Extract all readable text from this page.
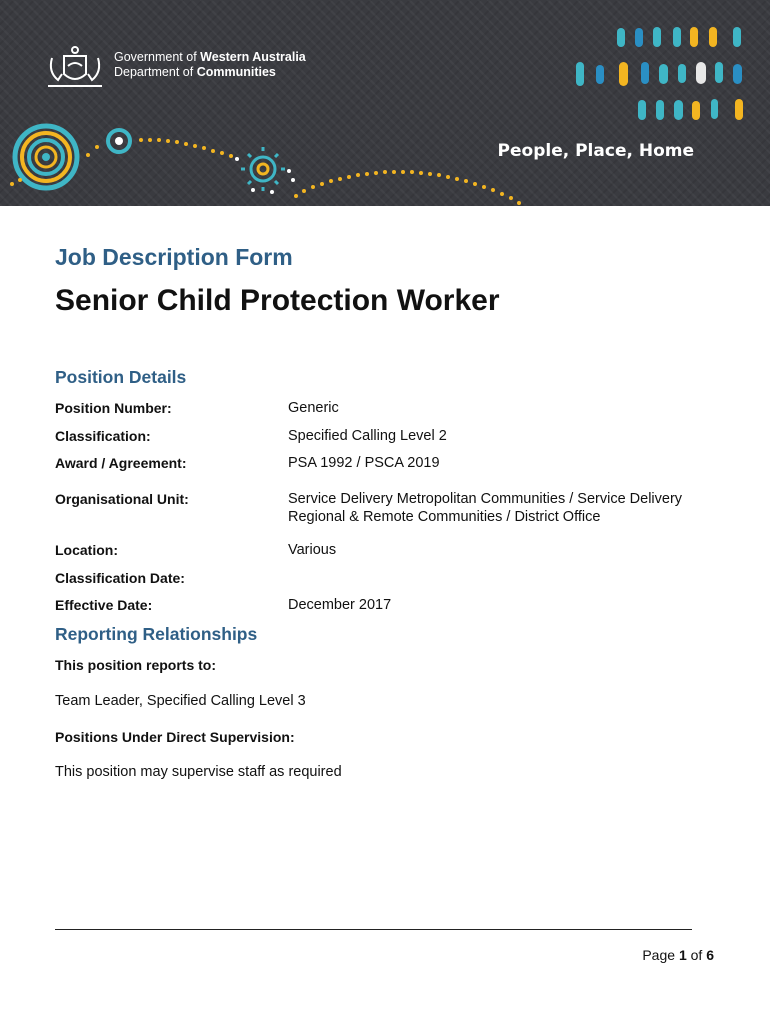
Government of Western Australia
Department of Communities
People, Place, Home
Job Description Form
Senior Child Protection Worker
Position Details
Position Number:	Generic
Classification:	Specified Calling Level 2
Award / Agreement:	PSA 1992 / PSCA 2019
Organisational Unit:	Service Delivery Metropolitan Communities / Service Delivery
Regional & Remote Communities / District Office
Location:	Various
Classification Date:
Effective Date:	December 2017
Reporting Relationships
This position reports to:
Team Leader, Specified Calling Level 3
Positions Under Direct Supervision:
This position may supervise staff as required
Page 1 of 6
